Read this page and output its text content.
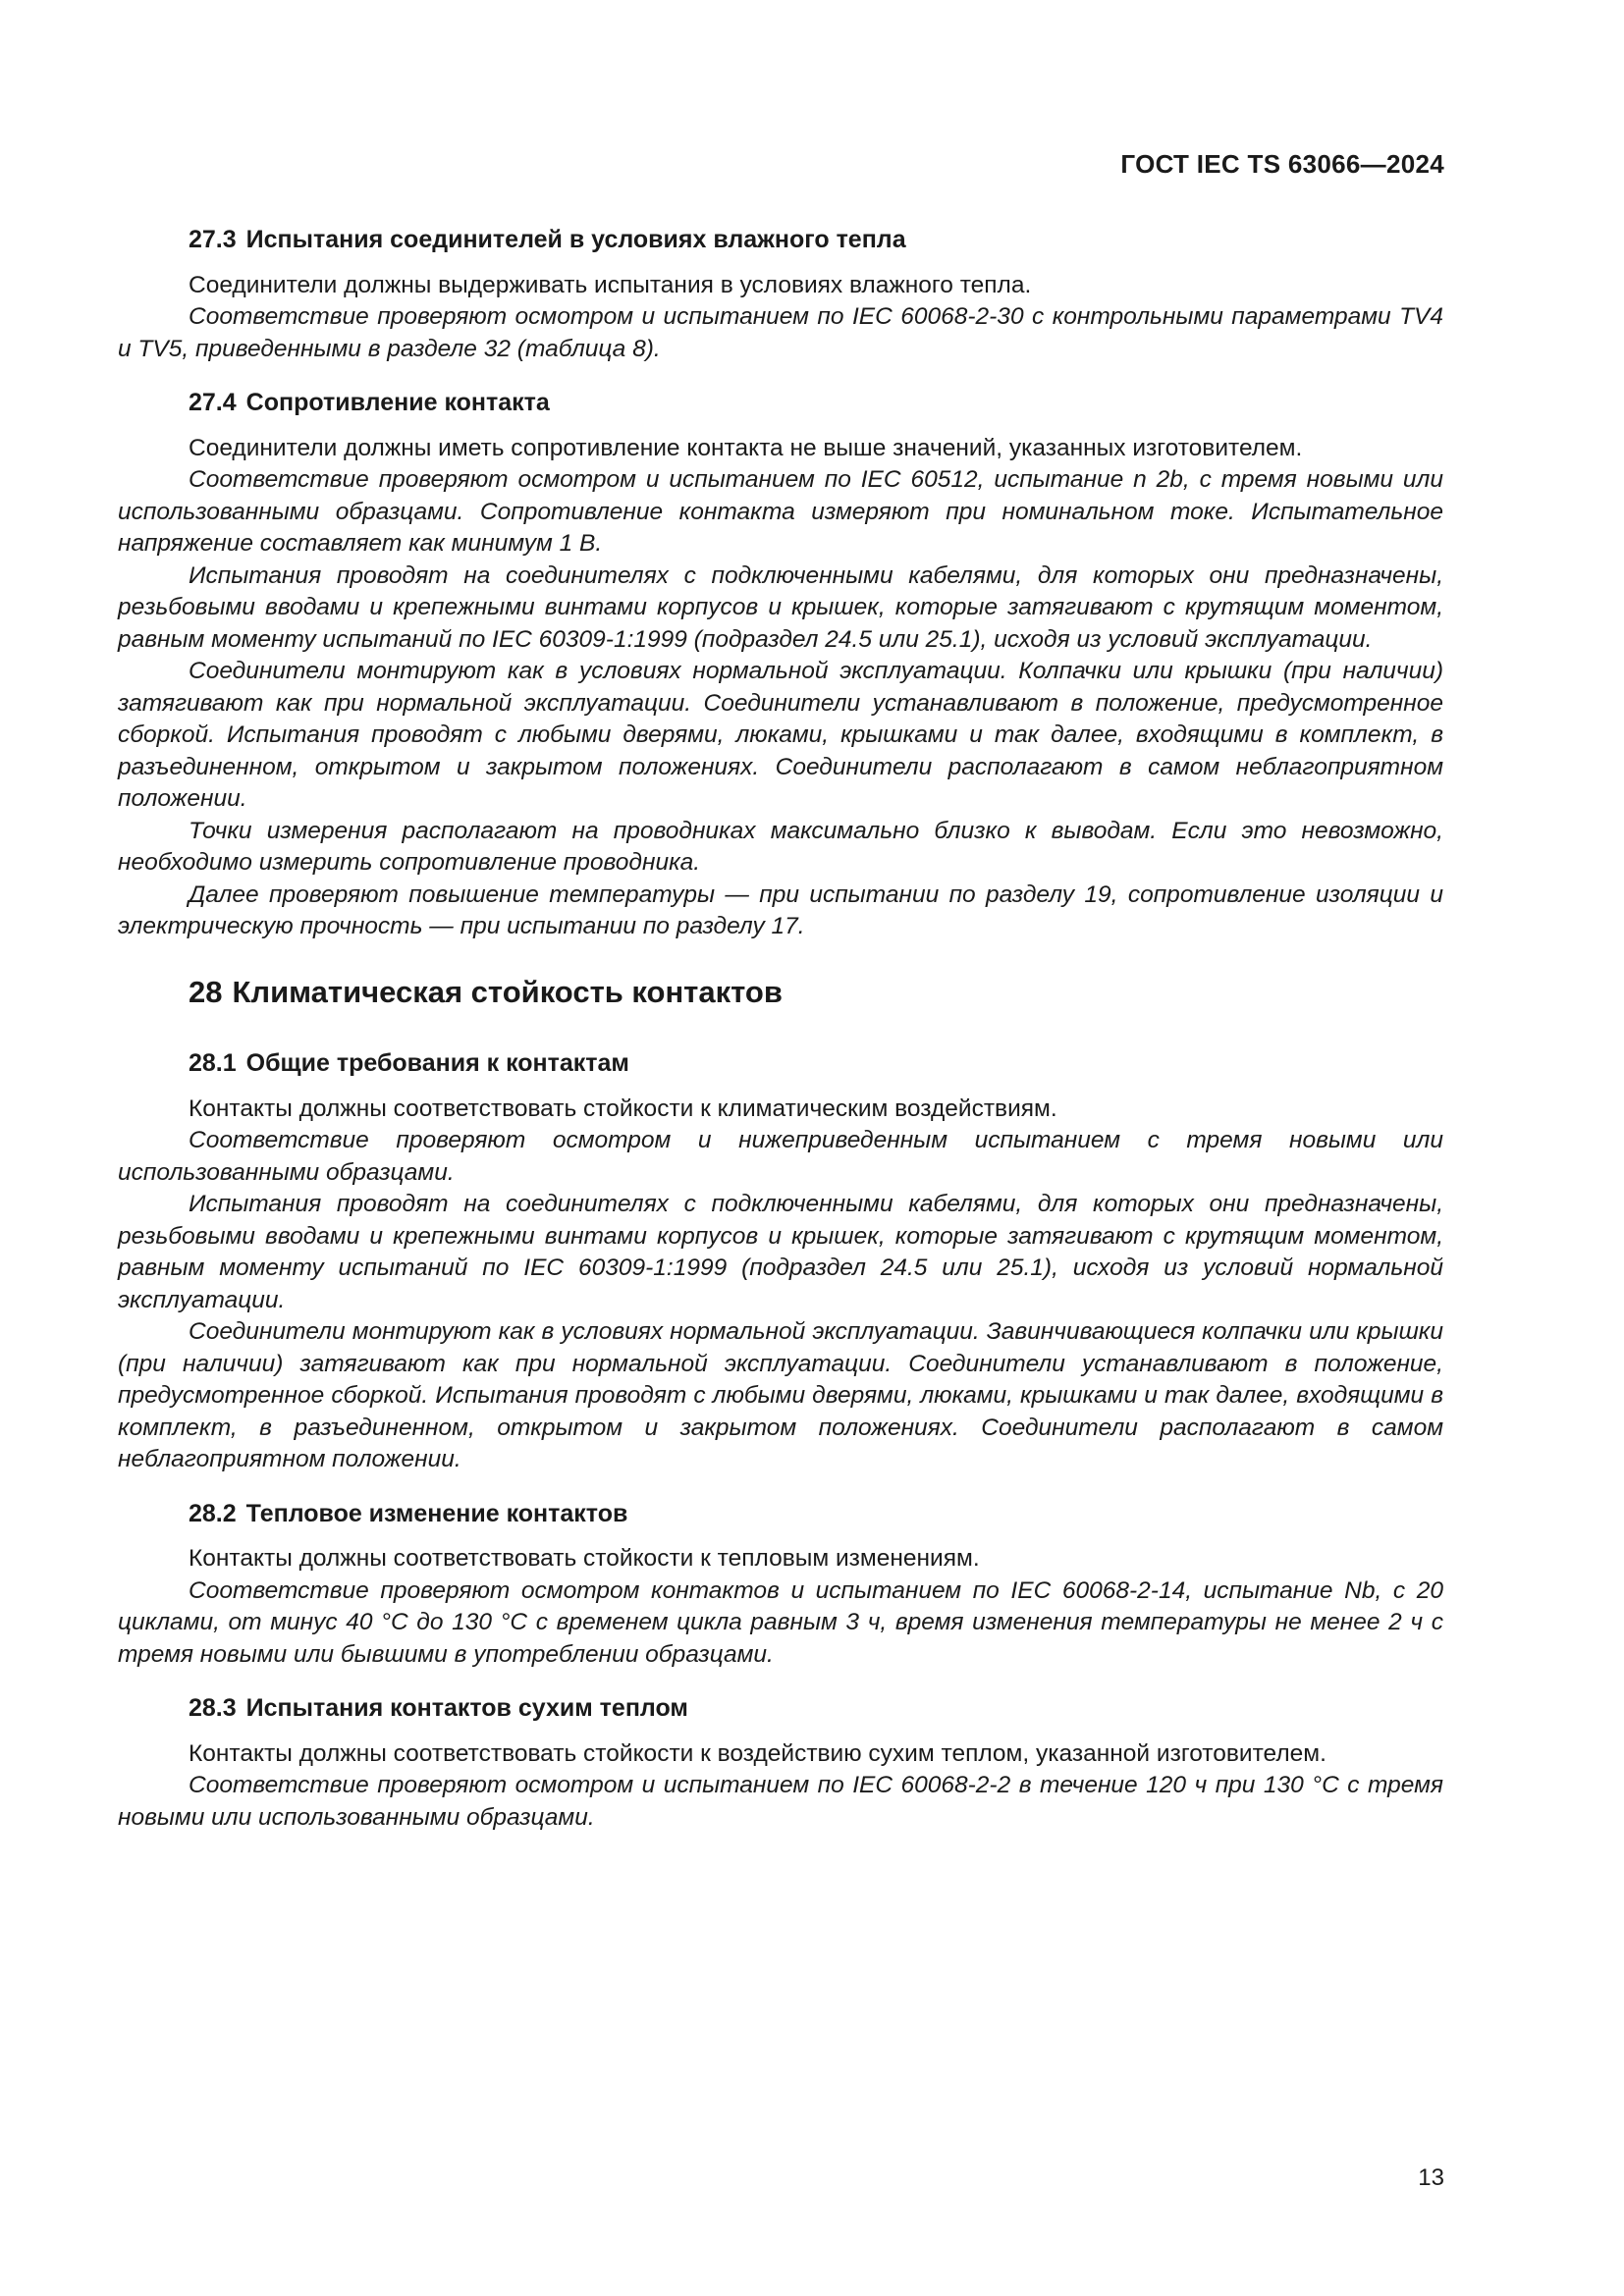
ГОСТ IEC TS 63066—2024
27.3 Испытания соединителей в условиях влажного тепла

Соединители должны выдерживать испытания в условиях влажного тепла.

Соответствие проверяют осмотром и испытанием по IEC 60068-2-30 с контрольными параметрами TV4 и TV5, приведенными в разделе 32 (таблица 8).

27.4 Сопротивление контакта

Соединители должны иметь сопротивление контакта не выше значений, указанных изготовителем.

Соответствие проверяют осмотром и испытанием по IEC 60512, испытание n 2b, с тремя новыми или использованными образцами. Сопротивление контакта измеряют при номинальном токе. Испытательное напряжение составляет как минимум 1 В.

Испытания проводят на соединителях с подключенными кабелями, для которых они предназначены, резьбовыми вводами и крепежными винтами корпусов и крышек, которые затягивают с крутящим моментом, равным моменту испытаний по IEC 60309-1:1999 (подраздел 24.5 или 25.1), исходя из условий эксплуатации.

Соединители монтируют как в условиях нормальной эксплуатации. Колпачки или крышки (при наличии) затягивают как при нормальной эксплуатации. Соединители устанавливают в положение, предусмотренное сборкой. Испытания проводят с любыми дверями, люками, крышками и так далее, входящими в комплект, в разъединенном, открытом и закрытом положениях. Соединители располагают в самом неблагоприятном положении.

Точки измерения располагают на проводниках максимально близко к выводам. Если это невозможно, необходимо измерить сопротивление проводника.

Далее проверяют повышение температуры — при испытании по разделу 19, сопротивление изоляции и электрическую прочность — при испытании по разделу 17.

28 Климатическая стойкость контактов
28.1 Общие требования к контактам

Контакты должны соответствовать стойкости к климатическим воздействиям.

Соответствие проверяют осмотром и нижеприведенным испытанием с тремя новыми или использованными образцами.

Испытания проводят на соединителях с подключенными кабелями, для которых они предназначены, резьбовыми вводами и крепежными винтами корпусов и крышек, которые затягивают с крутящим моментом, равным моменту испытаний по IEC 60309-1:1999 (подраздел 24.5 или 25.1), исходя из условий нормальной эксплуатации.

Соединители монтируют как в условиях нормальной эксплуатации. Завинчивающиеся колпачки или крышки (при наличии) затягивают как при нормальной эксплуатации. Соединители устанавливают в положение, предусмотренное сборкой. Испытания проводят с любыми дверями, люками, крышками и так далее, входящими в комплект, в разъединенном, открытом и закрытом положениях. Соединители располагают в самом неблагоприятном положении.

28.2 Тепловое изменение контактов

Контакты должны соответствовать стойкости к тепловым изменениям.

Соответствие проверяют осмотром контактов и испытанием по IEC 60068-2-14, испытание Nb, с 20 циклами, от минус 40 °C до 130 °C с временем цикла равным 3 ч, время изменения температуры не менее 2 ч с тремя новыми или бывшими в употреблении образцами.

28.3 Испытания контактов сухим теплом

Контакты должны соответствовать стойкости к воздействию сухим теплом, указанной изготовителем.

Соответствие проверяют осмотром и испытанием по IEC 60068-2-2 в течение 120 ч при 130 °C с тремя новыми или использованными образцами.

13
